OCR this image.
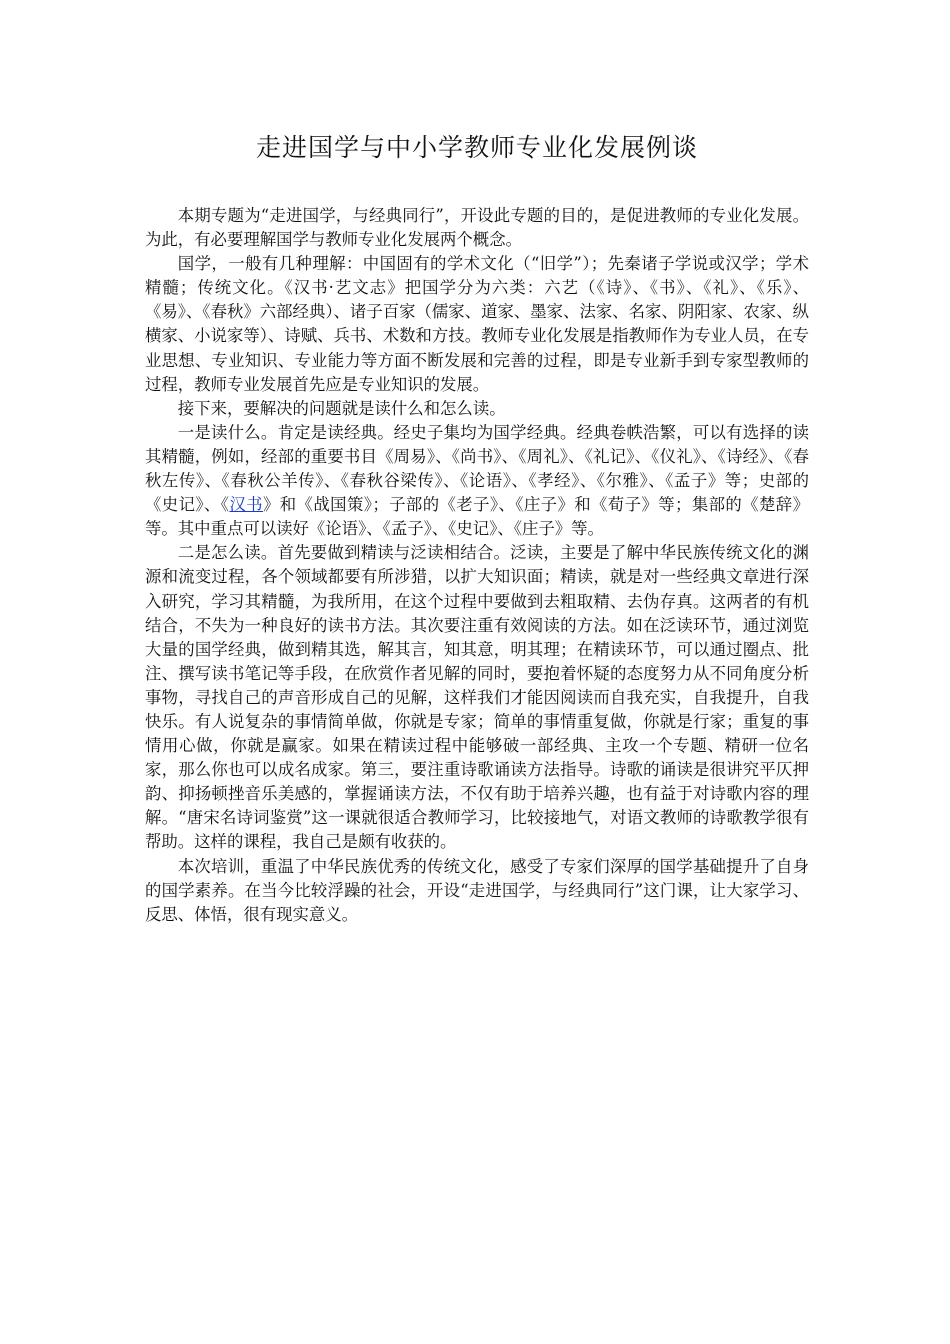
走进国学与中小学教师专业化发展例谈

本期专题为“走进国学，与经典同行”，开设此专题的目的，是促进教师的专业化发展。为此，有必要理解国学与教师专业化发展两个概念。

国学，一般有几种理解：中国固有的学术文化（“旧学”）；先秦诸子学说或汉学；学术精髓；传统文化。《汉书·艺文志》把国学分为六类：六艺（《诗》、《书》、《礼》、《乐》、《易》、《春秋》六部经典）、诸子百家（儒家、道家、墨家、法家、名家、阴阳家、农家、纵横家、小说家等）、诗赋、兵书、术数和方技。教师专业化发展是指教师作为专业人员，在专业思想、专业知识、专业能力等方面不断发展和完善的过程，即是专业新手到专家型教师的过程，教师专业发展首先应是专业知识的发展。

接下来，要解决的问题就是读什么和怎么读。

一是读什么。肯定是读经典。经史子集均为国学经典。经典卷帙浩繁，可以有选择的读其精髓，例如，经部的重要书目《周易》、《尚书》、《周礼》、《礼记》、《仪礼》、《诗经》、《春秋左传》、《春秋公羊传》、《春秋谷梁传》、《论语》、《孝经》、《尔雅》、《孟子》等；史部的《史记》、《汉书》和《战国策》；子部的《老子》、《庄子》和《荀子》等；集部的《楚辞》等。其中重点可以读好《论语》、《孟子》、《史记》、《庄子》等。

二是怎么读。首先要做到精读与泛读相结合。泛读，主要是了解中华民族传统文化的渊源和流变过程，各个领域都要有所涉猎，以扩大知识面；精读，就是对一些经典文章进行深入研究，学习其精髓，为我所用，在这个过程中要做到去粗取精、去伪存真。这两者的有机结合，不失为一种良好的读书方法。其次要注重有效阅读的方法。如在泛读环节，通过浏览大量的国学经典，做到精其选，解其言，知其意，明其理；在精读环节，可以通过圈点、批注、撰写读书笔记等手段，在欣赏作者见解的同时，要抱着怀疑的态度努力从不同角度分析事物，寻找自己的声音形成自己的见解，这样我们才能因阅读而自我充实，自我提升，自我快乐。有人说复杂的事情简单做，你就是专家；简单的事情重复做，你就是行家；重复的事情用心做，你就是赢家。如果在精读过程中能够破一部经典、主攻一个专题、精研一位名家，那么你也可以成名成家。第三，要注重诗歌诵读方法指导。诗歌的诵读是很讲究平仄押韵、抑扬顿挫音乐美感的，掌握诵读方法，不仅有助于培养兴趣，也有益于对诗歌内容的理解。“唐宋名诗词鉴赏”这一课就很适合教师学习，比较接地气，对语文教师的诗歌教学很有帮助。这样的课程，我自己是颇有收获的。

本次培训，重温了中华民族优秀的传统文化，感受了专家们深厚的国学基础提升了自身的国学素养。在当今比较浮躁的社会，开设“走进国学，与经典同行”这门课，让大家学习、反思、体悟，很有现实意义。
